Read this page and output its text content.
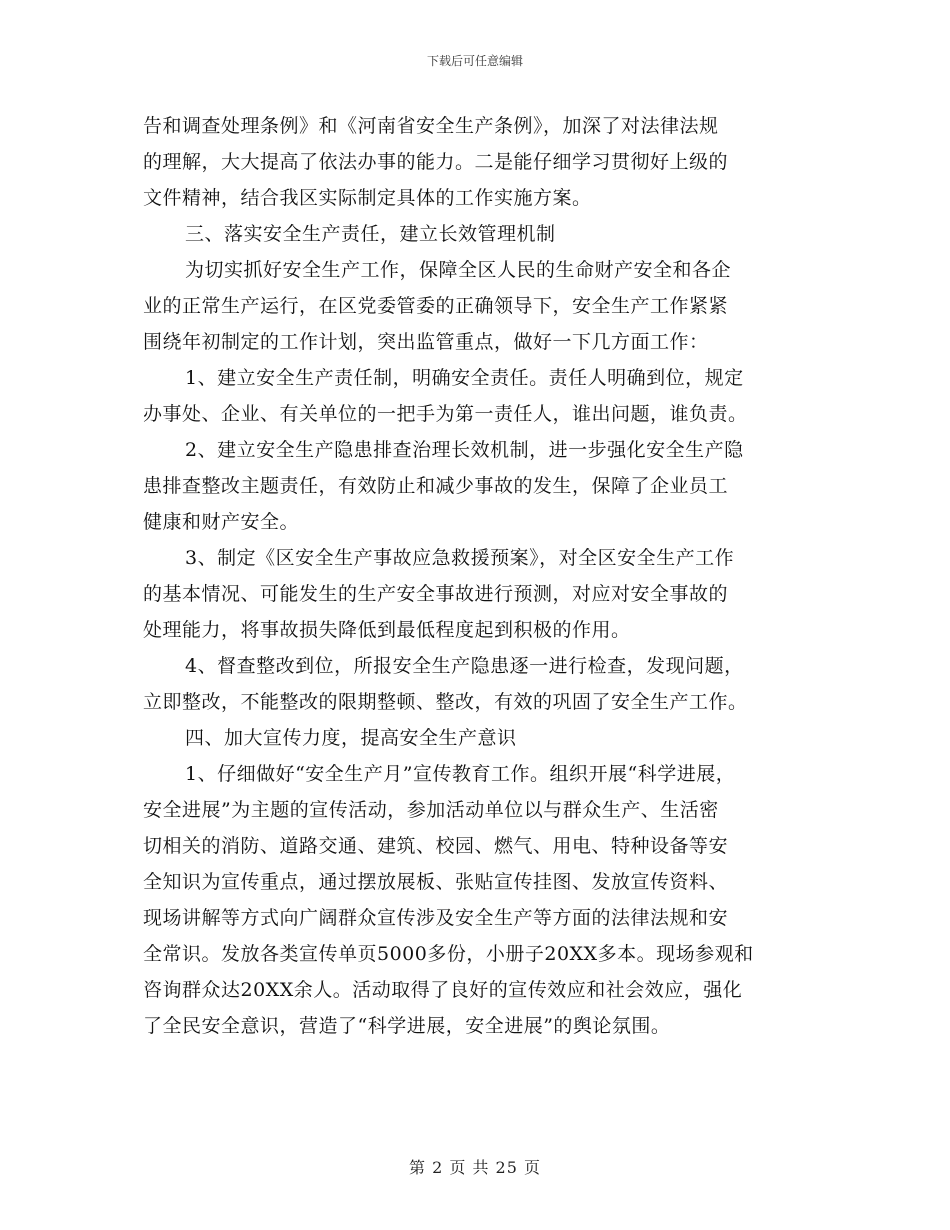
下载后可任意编辑
告和调查处理条例》和《河南省安全生产条例》，加深了对法律法规
的理解，大大提高了依法办事的能力。二是能仔细学习贯彻好上级的
文件精神，结合我区实际制定具体的工作实施方案。
三、落实安全生产责任，建立长效管理机制
为切实抓好安全生产工作，保障全区人民的生命财产安全和各企
业的正常生产运行，在区党委管委的正确领导下，安全生产工作紧紧
围绕年初制定的工作计划，突出监管重点，做好一下几方面工作：
1、建立安全生产责任制，明确安全责任。责任人明确到位，规定
办事处、企业、有关单位的一把手为第一责任人，谁出问题，谁负责。
2、建立安全生产隐患排查治理长效机制，进一步强化安全生产隐
患排查整改主题责任，有效防止和减少事故的发生，保障了企业员工
健康和财产安全。
3、制定《区安全生产事故应急救援预案》，对全区安全生产工作
的基本情况、可能发生的生产安全事故进行预测，对应对安全事故的
处理能力，将事故损失降低到最低程度起到积极的作用。
4、督查整改到位，所报安全生产隐患逐一进行检查，发现问题，
立即整改，不能整改的限期整顿、整改，有效的巩固了安全生产工作。
四、加大宣传力度，提高安全生产意识
1、仔细做好“安全生产月”宣传教育工作。组织开展“科学进展，
安全进展”为主题的宣传活动，参加活动单位以与群众生产、生活密
切相关的消防、道路交通、建筑、校园、燃气、用电、特种设备等安
全知识为宣传重点，通过摆放展板、张贴宣传挂图、发放宣传资料、
现场讲解等方式向广阔群众宣传涉及安全生产等方面的法律法规和安
全常识。发放各类宣传单页5000多份，小册子20XX多本。现场参观和
咨询群众达20XX余人。活动取得了良好的宣传效应和社会效应，强化
了全民安全意识，营造了“科学进展，安全进展”的舆论氛围。
第 2 页 共 25 页
